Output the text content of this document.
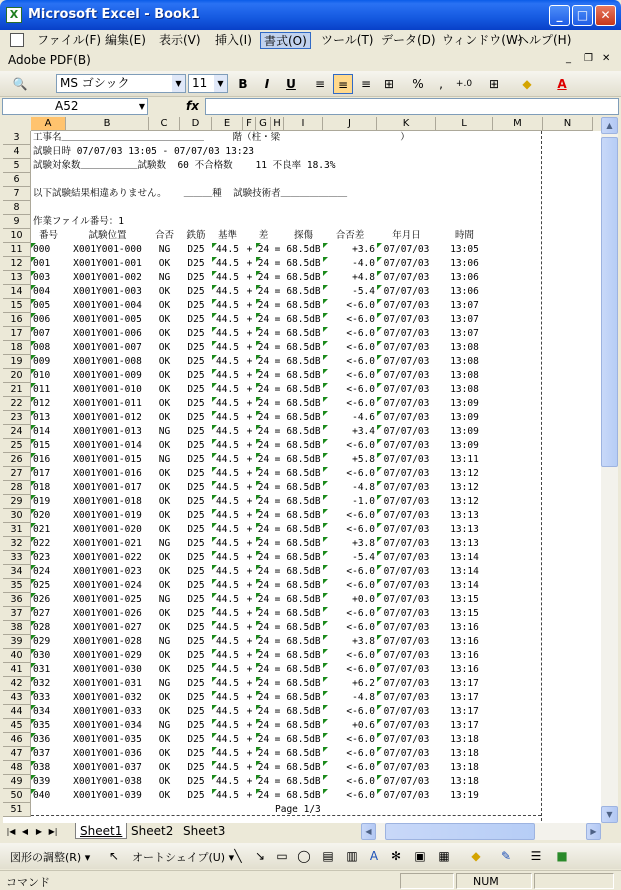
X Microsoft Excel - Book1	_	□	✕
ファイル(F) 編集(E) 表示(V) 挿入(I)	書式(O)	ツール(T) データ(D) ウィンドウ(W)
ヘルプ(H)
Adobe PDF(B)	_ ❐ ✕
🔍	MS ゴシック	▼ 11	▼	B	I	U	≡	≡	≡	⊞	%	,	+.0	⊞	◆	A
A52	▼	fx
A	B	C	D	E	F G H	I	J	K	L	M	N
3	工事名＿＿＿＿＿＿＿＿＿＿＿＿＿＿＿     階（柱・梁                     ）
4	試験日時 07/07/03 13:05 - 07/07/03 13:23
5	試験対象数＿＿＿＿＿＿試験数  60 不合格数    11 不良率 18.3%
6
7	以下試験結果相違ありません。   ＿＿＿種  試験技術者＿＿＿＿＿＿＿
8
9	作業ファイル番号：1
10	番号	試験位置	合否	鉄筋	基準	差	探傷	合否差	年月日	時間
11	000	X001Y001-000	NG	D25	44.5 + 24 = 68.5dB	+3.6 07/07/03	13:05
12	001	X001Y001-001	OK	D25	44.5 + 24 = 68.5dB	-4.0 07/07/03	13:06
13	003	X001Y001-002	NG	D25	44.5 + 24 = 68.5dB	+4.8 07/07/03	13:06
14	004	X001Y001-003	OK	D25	44.5 + 24 = 68.5dB	-5.4 07/07/03	13:06
15	005	X001Y001-004	OK	D25	44.5 + 24 = 68.5dB	<-6.0 07/07/03	13:07
16	006	X001Y001-005	OK	D25	44.5 + 24 = 68.5dB	<-6.0 07/07/03	13:07
17	007	X001Y001-006	OK	D25	44.5 + 24 = 68.5dB	<-6.0 07/07/03	13:07
18	008	X001Y001-007	OK	D25	44.5 + 24 = 68.5dB	<-6.0 07/07/03	13:08
19	009	X001Y001-008	OK	D25	44.5 + 24 = 68.5dB	<-6.0 07/07/03	13:08
20	010	X001Y001-009	OK	D25	44.5 + 24 = 68.5dB	<-6.0 07/07/03	13:08
21	011	X001Y001-010	OK	D25	44.5 + 24 = 68.5dB	<-6.0 07/07/03	13:08
22	012	X001Y001-011	OK	D25	44.5 + 24 = 68.5dB	<-6.0 07/07/03	13:09
23	013	X001Y001-012	OK	D25	44.5 + 24 = 68.5dB	-4.6 07/07/03	13:09
24	014	X001Y001-013	NG	D25	44.5 + 24 = 68.5dB	+3.4 07/07/03	13:09
25	015	X001Y001-014	OK	D25	44.5 + 24 = 68.5dB	<-6.0 07/07/03	13:09
26	016	X001Y001-015	NG	D25	44.5 + 24 = 68.5dB	+5.8 07/07/03	13:11
27	017	X001Y001-016	OK	D25	44.5 + 24 = 68.5dB	<-6.0 07/07/03	13:12
28	018	X001Y001-017	OK	D25	44.5 + 24 = 68.5dB	-4.8 07/07/03	13:12
29	019	X001Y001-018	OK	D25	44.5 + 24 = 68.5dB	-1.0 07/07/03	13:12
30	020	X001Y001-019	OK	D25	44.5 + 24 = 68.5dB	<-6.0 07/07/03	13:13
31	021	X001Y001-020	OK	D25	44.5 + 24 = 68.5dB	<-6.0 07/07/03	13:13
32	022	X001Y001-021	NG	D25	44.5 + 24 = 68.5dB	+3.8 07/07/03	13:13
33	023	X001Y001-022	OK	D25	44.5 + 24 = 68.5dB	-5.4 07/07/03	13:14
34	024	X001Y001-023	OK	D25	44.5 + 24 = 68.5dB	<-6.0 07/07/03	13:14
35	025	X001Y001-024	OK	D25	44.5 + 24 = 68.5dB	<-6.0 07/07/03	13:14
36	026	X001Y001-025	NG	D25	44.5 + 24 = 68.5dB	+0.0 07/07/03	13:15
37	027	X001Y001-026	OK	D25	44.5 + 24 = 68.5dB	<-6.0 07/07/03	13:15
38	028	X001Y001-027	OK	D25	44.5 + 24 = 68.5dB	<-6.0 07/07/03	13:16
39	029	X001Y001-028	NG	D25	44.5 + 24 = 68.5dB	+3.8 07/07/03	13:16
40	030	X001Y001-029	OK	D25	44.5 + 24 = 68.5dB	<-6.0 07/07/03	13:16
41	031	X001Y001-030	OK	D25	44.5 + 24 = 68.5dB	<-6.0 07/07/03	13:16
42	032	X001Y001-031	NG	D25	44.5 + 24 = 68.5dB	+6.2 07/07/03	13:17
43	033	X001Y001-032	OK	D25	44.5 + 24 = 68.5dB	-4.8 07/07/03	13:17
44	034	X001Y001-033	OK	D25	44.5 + 24 = 68.5dB	<-6.0 07/07/03	13:17
45	035	X001Y001-034	NG	D25	44.5 + 24 = 68.5dB	+0.6 07/07/03	13:17
46	036	X001Y001-035	OK	D25	44.5 + 24 = 68.5dB	<-6.0 07/07/03	13:18
47	037	X001Y001-036	OK	D25	44.5 + 24 = 68.5dB	<-6.0 07/07/03	13:18
48	038	X001Y001-037	OK	D25	44.5 + 24 = 68.5dB	<-6.0 07/07/03	13:18
49	039	X001Y001-038	OK	D25	44.5 + 24 = 68.5dB	<-6.0 07/07/03	13:18
50	040	X001Y001-039	OK	D25	44.5 + 24 = 68.5dB	<-6.0 07/07/03	13:19
51	Page 1/3
▲
▼
|◀ ◀ ▶ ▶|	Sheet1 Sheet2 Sheet3	◀	▶
図形の調整(R) ▾	↖	オートシェイプ(U) ▾ ╲	↘ ▭ ◯ ▤	▥	A	✻	▣	▦	◆	✎	☰	■
コマンド	NUM
